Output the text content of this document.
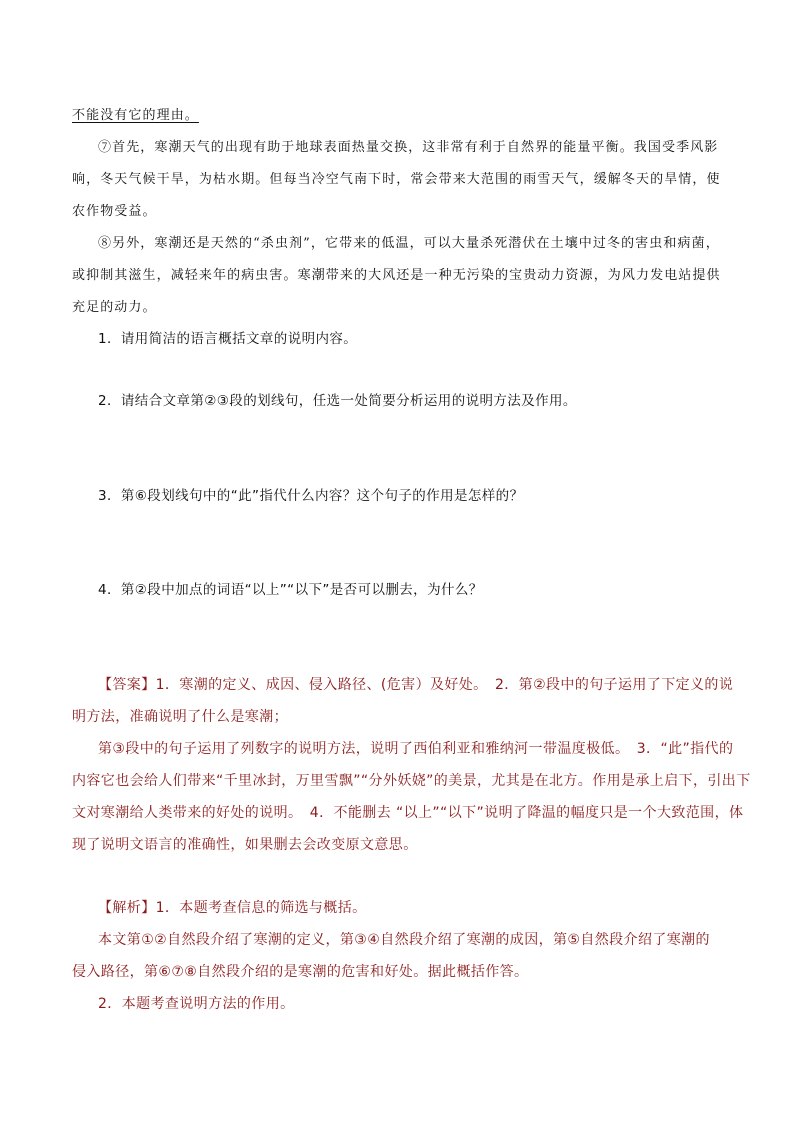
不能没有它的理由。
⑦首先，寒潮天气的出现有助于地球表面热量交换，这非常有利于自然界的能量平衡。我国受季风影
响，冬天气候干旱，为枯水期。但每当冷空气南下时，常会带来大范围的雨雪天气，缓解冬天的旱情，使
农作物受益。
⑧另外，寒潮还是天然的“杀虫剂”，它带来的低温，可以大量杀死潜伏在土壤中过冬的害虫和病菌，
或抑制其滋生，减轻来年的病虫害。寒潮带来的大风还是一种无污染的宝贵动力资源，为风力发电站提供
充足的动力。
1．请用简洁的语言概括文章的说明内容。
2．请结合文章第②③段的划线句，任选一处简要分析运用的说明方法及作用。
3．第⑥段划线句中的“此”指代什么内容？这个句子的作用是怎样的？
4．第②段中加点的词语“以上”“以下”是否可以删去，为什么？
【答案】1．寒潮的定义、成因、侵入路径、(危害）及好处。　2．第②段中的句子运用了下定义的说
明方法，准确说明了什么是寒潮；
第③段中的句子运用了列数字的说明方法，说明了西伯利亚和雅纳河一带温度极低。　3．“此”指代的
内容它也会给人们带来“千里冰封，万里雪飘”“分外妖娆”的美景，尤其是在北方。作用是承上启下，引出下
文对寒潮给人类带来的好处的说明。　4．不能删去 “以上”“以下”说明了降温的幅度只是一个大致范围，体
现了说明文语言的准确性，如果删去会改变原文意思。
【解析】1．本题考查信息的筛选与概括。
本文第①②自然段介绍了寒潮的定义，第③④自然段介绍了寒潮的成因，第⑤自然段介绍了寒潮的
侵入路径，第⑥⑦⑧自然段介绍的是寒潮的危害和好处。据此概括作答。
2．本题考查说明方法的作用。
